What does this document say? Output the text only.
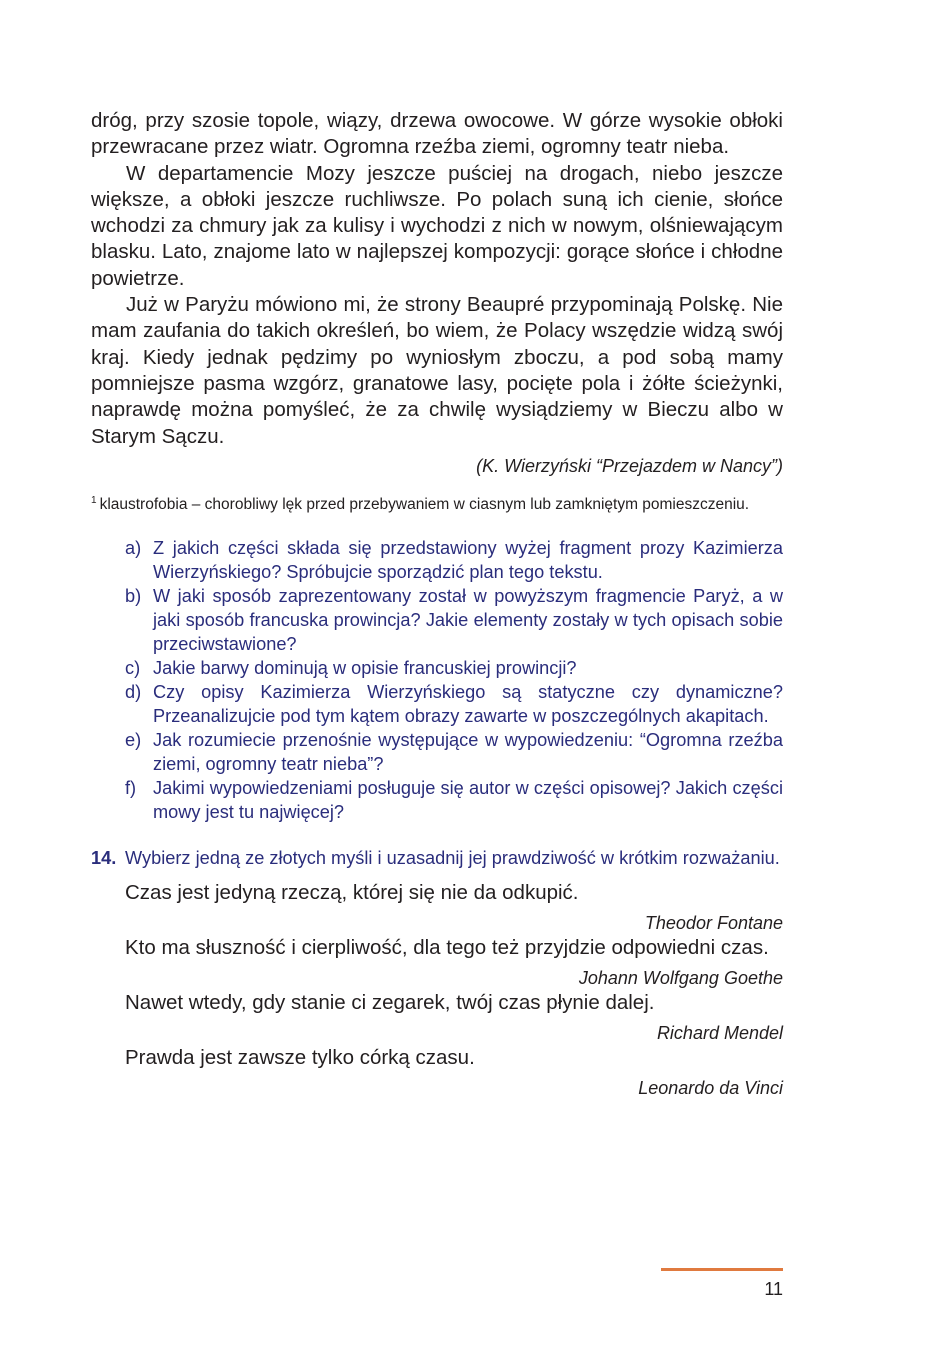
dróg, przy szosie topole, wiązy, drzewa owocowe. W górze wysokie obłoki przewracane przez wiatr. Ogromna rzeźba ziemi, ogromny teatr nieba.

W departamencie Mozy jeszcze puściej na drogach, niebo jeszcze większe, a obłoki jeszcze ruchliwsze. Po polach suną ich cienie, słońce wchodzi za chmury jak za kulisy i wychodzi z nich w nowym, olśniewającym blasku. Lato, znajome lato w najlepszej kompozycji: gorące słońce i chłodne powietrze.

Już w Paryżu mówiono mi, że strony Beaupré przypominają Polskę. Nie mam zaufania do takich określeń, bo wiem, że Polacy wszędzie widzą swój kraj. Kiedy jednak pędzimy po wyniosłym zboczu, a pod sobą mamy pomniejsze pasma wzgórz, granatowe lasy, pocięte pola i żółte ścieżynki, naprawdę można pomyśleć, że za chwilę wysiądziemy w Bieczu albo w Starym Sączu.

(K. Wierzyński “Przejazdem w Nancy”)
$^1$ klaustrofobia – chorobliwy lęk przed przebywaniem w ciasnym lub zamkniętym pomieszczeniu.
a) Z jakich części składa się przedstawiony wyżej fragment prozy Kazimierza Wierzyńskiego? Spróbujcie sporządzić plan tego tekstu.
b) W jaki sposób zaprezentowany został w powyższym fragmencie Paryż, a w jaki sposób francuska prowincja? Jakie elementy zostały w tych opisach sobie przeciwstawione?
c) Jakie barwy dominują w opisie francuskiej prowincji?
d) Czy opisy Kazimierza Wierzyńskiego są statyczne czy dynamiczne? Przeanalizujcie pod tym kątem obrazy zawarte w poszczególnych akapitach.
e) Jak rozumiecie przenośnie występujące w wypowiedzeniu: “Ogromna rzeźba ziemi, ogromny teatr nieba”?
f) Jakimi wypowiedzeniami posługuje się autor w części opisowej? Jakich części mowy jest tu najwięcej?
14. Wybierz jedną ze złotych myśli i uzasadnij jej prawdziwość w krótkim rozważaniu.
Czas jest jedyną rzeczą, której się nie da odkupić.
Theodor Fontane
Kto ma słuszność i cierpliwość, dla tego też przyjdzie odpowiedni czas.
Johann Wolfgang Goethe
Nawet wtedy, gdy stanie ci zegarek, twój czas płynie dalej.
Richard Mendel
Prawda jest zawsze tylko córką czasu.
Leonardo da Vinci
11
